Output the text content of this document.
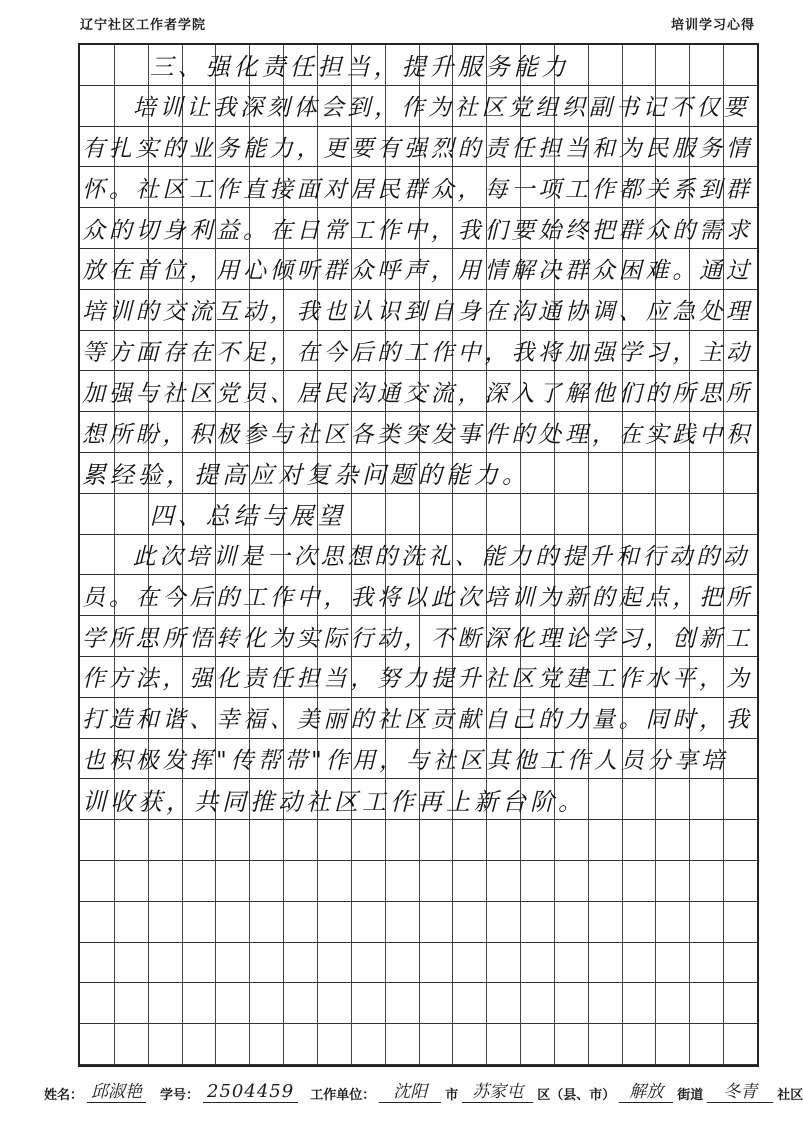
辽宁社区工作者学院	培训学习心得
三、强化责任担当，提升服务能力
培训让我深刻体会到，作为社区党组织副书记不仅要
有扎实的业务能力，更要有强烈的责任担当和为民服务情
怀。社区工作直接面对居民群众，每一项工作都关系到群
众的切身利益。在日常工作中，我们要始终把群众的需求
放在首位，用心倾听群众呼声，用情解决群众困难。通过
培训的交流互动，我也认识到自身在沟通协调、应急处理
等方面存在不足，在今后的工作中，我将加强学习，主动
加强与社区党员、居民沟通交流，深入了解他们的所思所
想所盼，积极参与社区各类突发事件的处理，在实践中积
累经验，提高应对复杂问题的能力。
四、总结与展望
此次培训是一次思想的洗礼、能力的提升和行动的动
员。在今后的工作中，我将以此次培训为新的起点，把所
学所思所悟转化为实际行动，不断深化理论学习，创新工
作方法，强化责任担当，努力提升社区党建工作水平，为
打造和谐、幸福、美丽的社区贡献自己的力量。同时，我
也积极发挥"传帮带"作用，与社区其他工作人员分享培
训收获，共同推动社区工作再上新台阶。
姓名： 邱淑艳	学号： 2504459	工作单位：	沈阳	市 苏家屯	区（县、市） 解放	街道	冬青	社区
